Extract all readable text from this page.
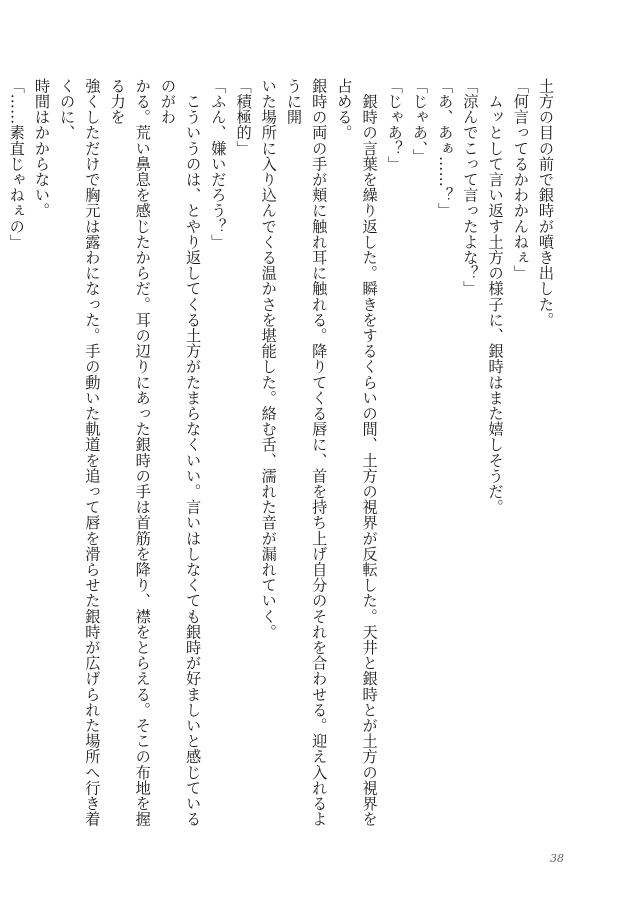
土方の目の前で銀時が噴き出した。
「何言ってるかわかんねぇ」
　ムッとして言い返す土方の様子に、銀時はまた嬉しそうだ。
「涼んでこって言ったよな？」
「あ、あぁ……？」
「じゃあ、」
「じゃあ？」
　銀時の言葉を繰り返した。瞬きをするくらいの間、土方の視界が反転した。天井と銀時とが土方の視界を占める。
銀時の両の手が頬に触れ耳に触れる。降りてくる唇に、首を持ち上げ自分のそれを合わせる。迎え入れるように開
いた場所に入り込んでくる温かさを堪能した。絡む舌、濡れた音が漏れていく。
「積極的」
「ふん、嫌いだろう？」
　こういうのは、とやり返してくる土方がたまらなくいい。言いはしなくても銀時が好ましいと感じているのがわ
かる。荒い鼻息を感じたからだ。耳の辺りにあった銀時の手は首筋を降り、襟をとらえる。そこの布地を握る力を
強くしただけで胸元は露わになった。手の動いた軌道を追って唇を滑らせた銀時が広げられた場所へ行き着くのに、
時間はかからない。
「……素直じゃねぇの」
38
